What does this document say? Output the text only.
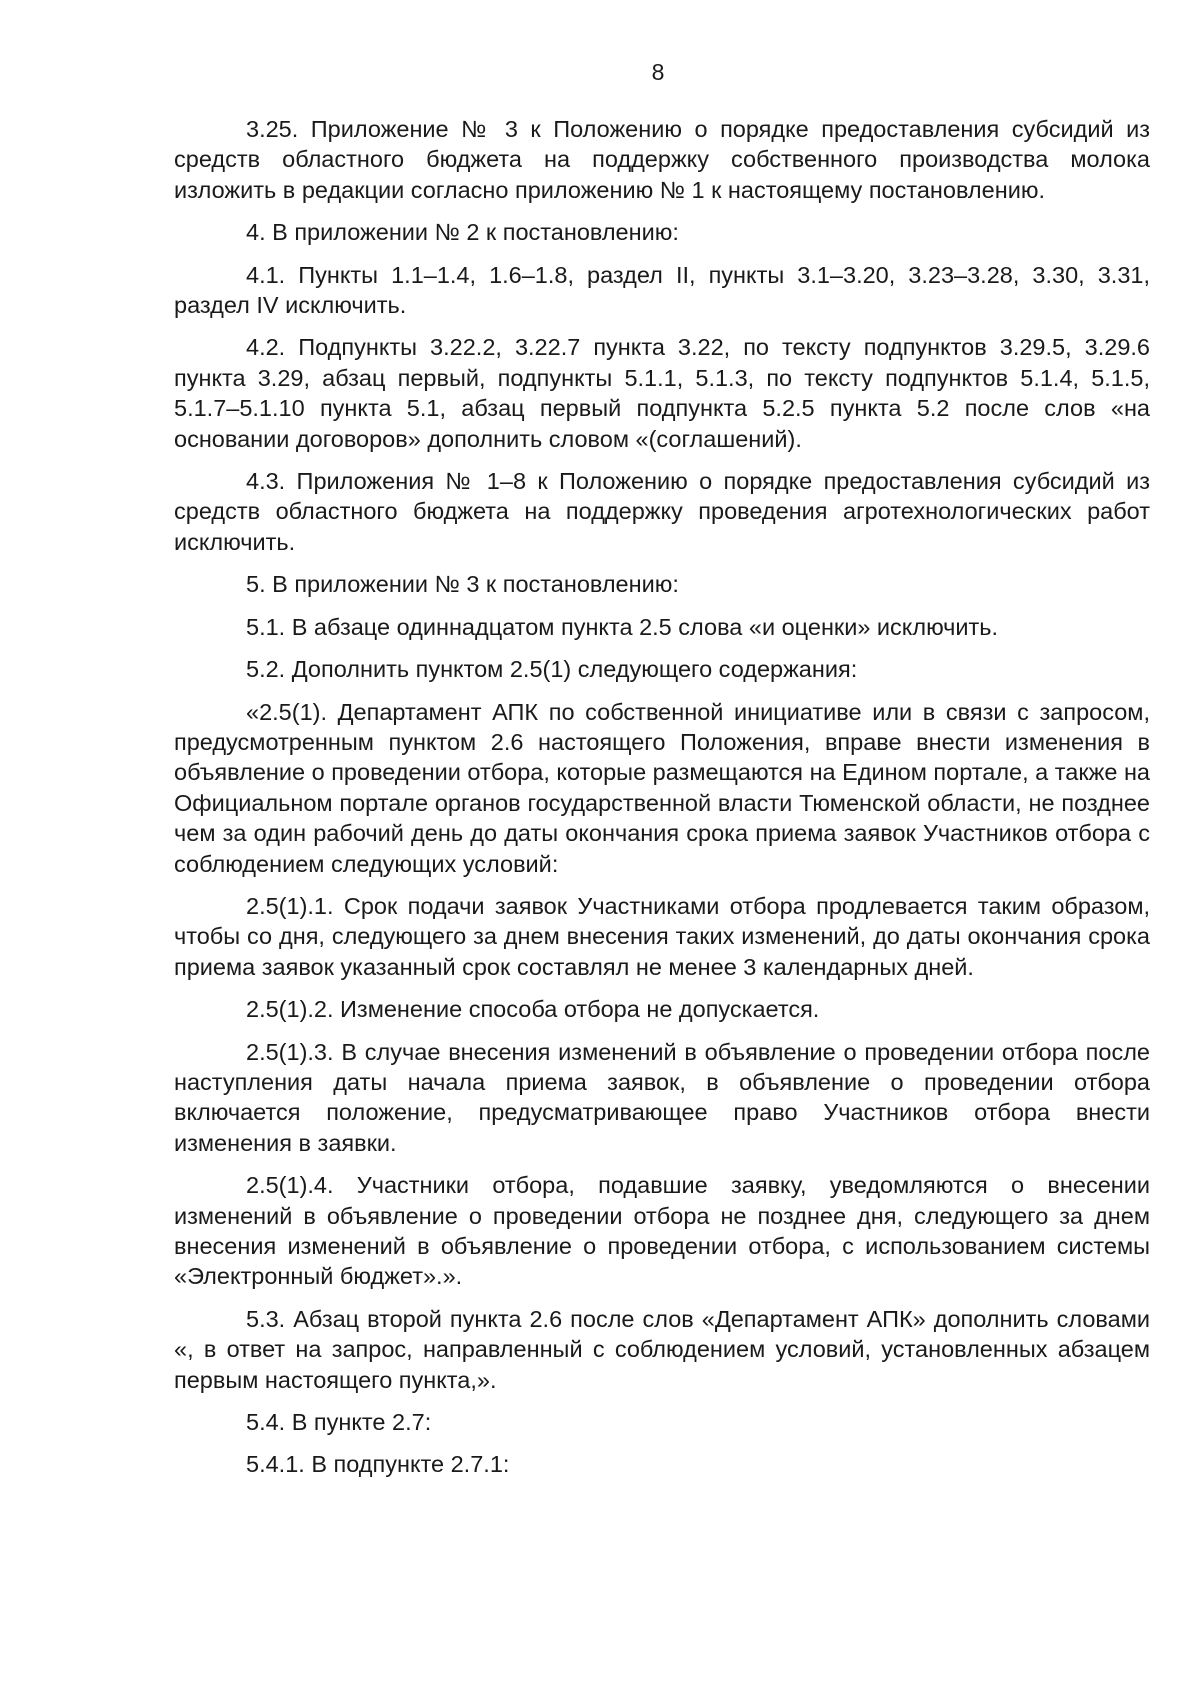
8

3.25. Приложение № 3 к Положению о порядке предоставления субсидий из средств областного бюджета на поддержку собственного производства молока изложить в редакции согласно приложению № 1 к настоящему постановлению.

4. В приложении № 2 к постановлению:

4.1. Пункты 1.1–1.4, 1.6–1.8, раздел II, пункты 3.1–3.20, 3.23–3.28, 3.30, 3.31, раздел IV исключить.

4.2. Подпункты 3.22.2, 3.22.7 пункта 3.22, по тексту подпунктов 3.29.5, 3.29.6 пункта 3.29, абзац первый, подпункты 5.1.1, 5.1.3, по тексту подпунктов 5.1.4, 5.1.5, 5.1.7–5.1.10 пункта 5.1, абзац первый подпункта 5.2.5 пункта 5.2 после слов «на основании договоров» дополнить словом «(соглашений).

4.3. Приложения № 1–8 к Положению о порядке предоставления субсидий из средств областного бюджета на поддержку проведения агротехнологических работ исключить.

5. В приложении № 3 к постановлению:

5.1. В абзаце одиннадцатом пункта 2.5 слова «и оценки» исключить.

5.2. Дополнить пунктом 2.5(1) следующего содержания:

«2.5(1). Департамент АПК по собственной инициативе или в связи с запросом, предусмотренным пунктом 2.6 настоящего Положения, вправе внести изменения в объявление о проведении отбора, которые размещаются на Едином портале, а также на Официальном портале органов государственной власти Тюменской области, не позднее чем за один рабочий день до даты окончания срока приема заявок Участников отбора с соблюдением следующих условий:

2.5(1).1. Срок подачи заявок Участниками отбора продлевается таким образом, чтобы со дня, следующего за днем внесения таких изменений, до даты окончания срока приема заявок указанный срок составлял не менее 3 календарных дней.

2.5(1).2. Изменение способа отбора не допускается.

2.5(1).3. В случае внесения изменений в объявление о проведении отбора после наступления даты начала приема заявок, в объявление о проведении отбора включается положение, предусматривающее право Участников отбора внести изменения в заявки.

2.5(1).4. Участники отбора, подавшие заявку, уведомляются о внесении изменений в объявление о проведении отбора не позднее дня, следующего за днем внесения изменений в объявление о проведении отбора, с использованием системы «Электронный бюджет».».

5.3. Абзац второй пункта 2.6 после слов «Департамент АПК» дополнить словами «, в ответ на запрос, направленный с соблюдением условий, установленных абзацем первым настоящего пункта,».

5.4. В пункте 2.7:

5.4.1. В подпункте 2.7.1:
